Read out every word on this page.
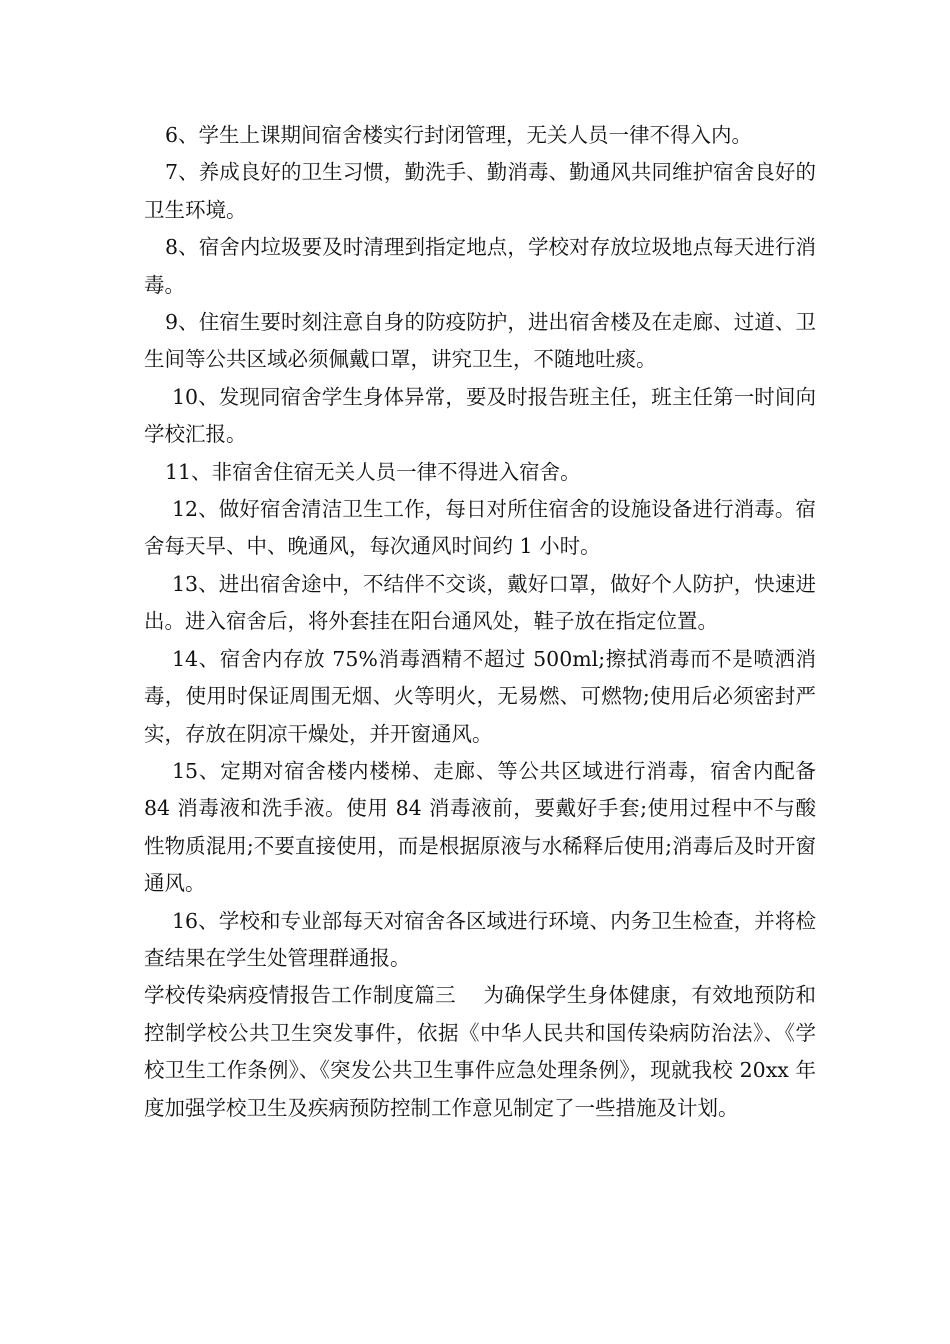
6、学生上课期间宿舍楼实行封闭管理，无关人员一律不得入内。

7、养成良好的卫生习惯，勤洗手、勤消毒、勤通风共同维护宿舍良好的卫生环境。

8、宿舍内垃圾要及时清理到指定地点，学校对存放垃圾地点每天进行消毒。

9、住宿生要时刻注意自身的防疫防护，进出宿舍楼及在走廊、过道、卫生间等公共区域必须佩戴口罩，讲究卫生，不随地吐痰。

10、发现同宿舍学生身体异常，要及时报告班主任，班主任第一时间向学校汇报。

11、非宿舍住宿无关人员一律不得进入宿舍。

12、做好宿舍清洁卫生工作，每日对所住宿舍的设施设备进行消毒。宿舍每天早、中、晚通风，每次通风时间约 1 小时。

13、进出宿舍途中，不结伴不交谈，戴好口罩，做好个人防护，快速进出。进入宿舍后，将外套挂在阳台通风处，鞋子放在指定位置。

14、宿舍内存放 75%消毒酒精不超过 500ml;擦拭消毒而不是喷洒消毒，使用时保证周围无烟、火等明火，无易燃、可燃物;使用后必须密封严实，存放在阴凉干燥处，并开窗通风。

15、定期对宿舍楼内楼梯、走廊、等公共区域进行消毒，宿舍内配备 84 消毒液和洗手液。使用 84 消毒液前，要戴好手套;使用过程中不与酸性物质混用;不要直接使用，而是根据原液与水稀释后使用;消毒后及时开窗通风。

16、学校和专业部每天对宿舍各区域进行环境、内务卫生检查，并将检查结果在学生处管理群通报。

学校传染病疫情报告工作制度篇三　 为确保学生身体健康，有效地预防和控制学校公共卫生突发事件，依据《中华人民共和国传染病防治法》、《学校卫生工作条例》、《突发公共卫生事件应急处理条例》，现就我校 20xx 年度加强学校卫生及疾病预防控制工作意见制定了一些措施及计划。
